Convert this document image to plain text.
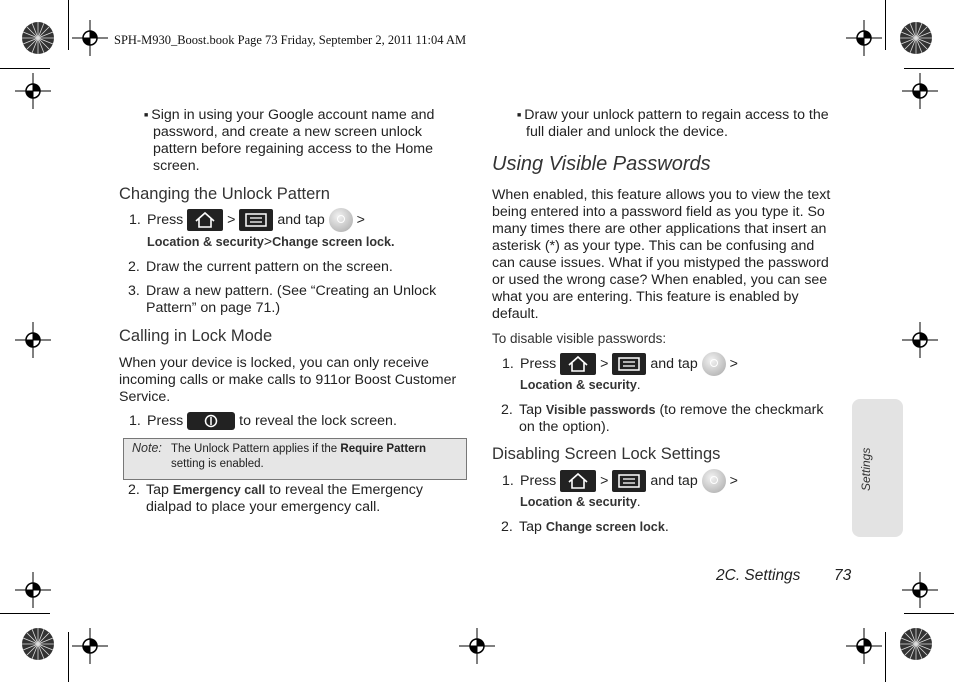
SPH-M930_Boost.book Page 73 Friday, September 2, 2011 11:04 AM
■ Sign in using your Google account name and
password, and create a new screen unlock
pattern before regaining access to the Home
screen.
Changing the Unlock Pattern
1. Press	>	and tap >
Location & security>Change screen lock.
2. Draw the current pattern on the screen.
3. Draw a new pattern. (See “Creating an Unlock
Pattern” on page 71.)
Calling in Lock Mode
When your device is locked, you can only receive
incoming calls or make calls to 911or Boost Customer
Service.
1. Press	to reveal the lock screen.
Note: The Unlock Pattern applies if the Require Pattern
setting is enabled.
2. Tap Emergency call to reveal the Emergency
dialpad to place your emergency call.
■ Draw your unlock pattern to regain access to the
full dialer and unlock the device.
Using Visible Passwords
When enabled, this feature allows you to view the text
being entered into a password field as you type it. So
many times there are other applications that insert an
asterisk (*) as your type. This can be confusing and
can cause issues. What if you mistyped the password
or used the wrong case? When enabled, you can see
what you are entering. This feature is enabled by
default.
To disable visible passwords:
1. Press	>	and tap >
Location & security.
2. Tap Visible passwords (to remove the checkmark
on the option).
Disabling Screen Lock Settings
1. Press	>	and tap >
Location & security.
2. Tap Change screen lock.
Settings
2C. Settings 73
